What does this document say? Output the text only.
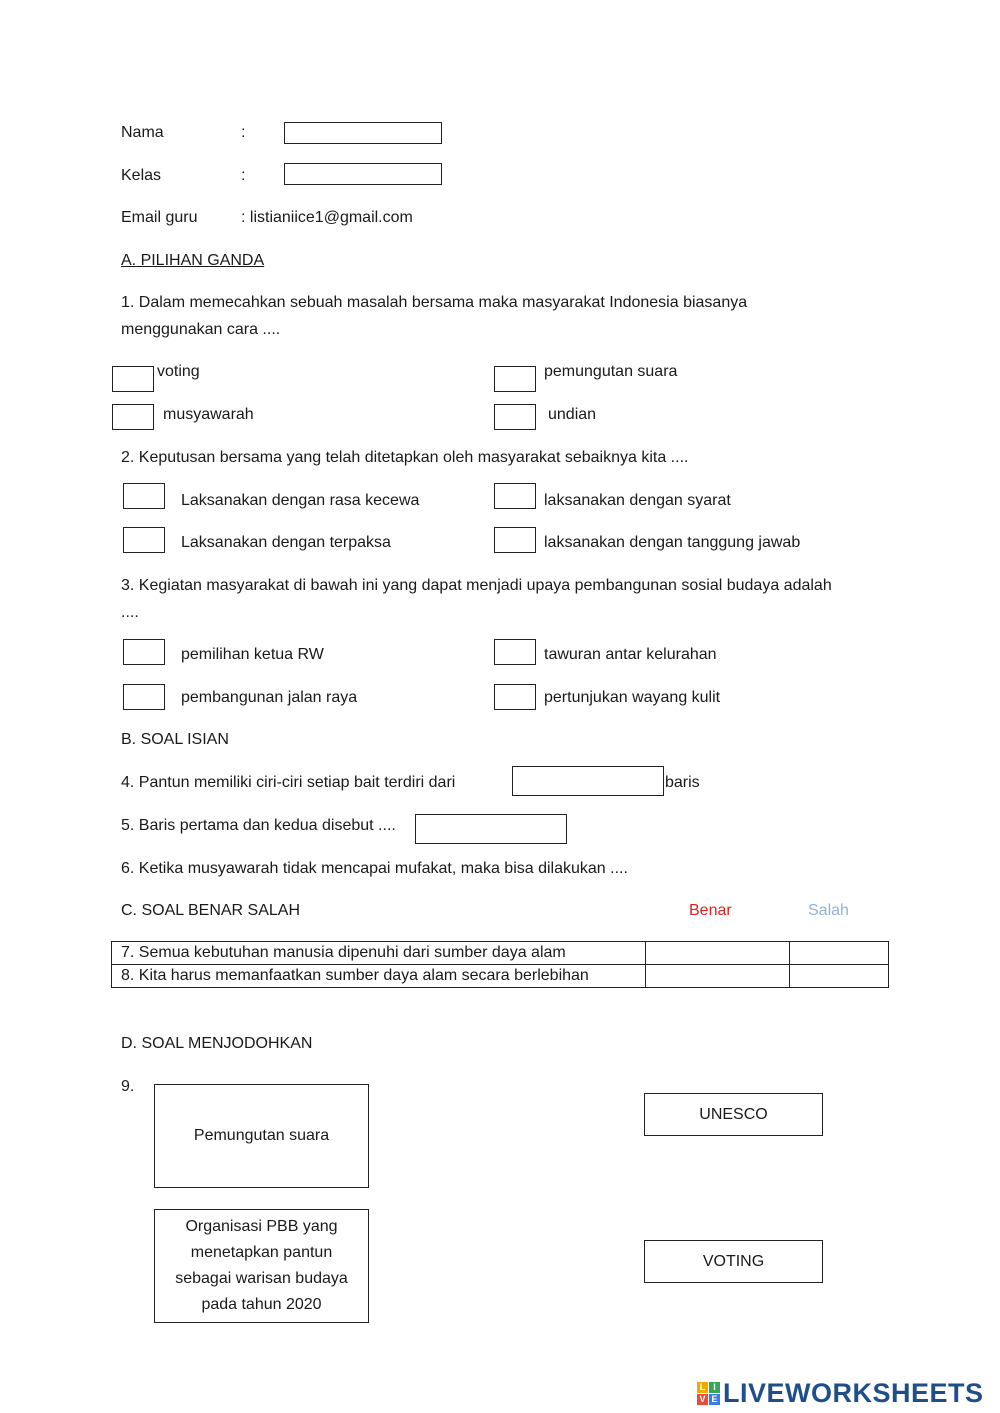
Nama	:
Kelas	:
Email guru	: listianiice1@gmail.com
A. PILIHAN GANDA
1. Dalam memecahkan sebuah masalah bersama maka masyarakat Indonesia biasanya
menggunakan cara ....
voting	pemungutan suara
musyawarah	undian
2. Keputusan bersama yang telah ditetapkan oleh masyarakat sebaiknya kita ....
Laksanakan dengan rasa kecewa	laksanakan dengan syarat
Laksanakan dengan terpaksa	laksanakan dengan tanggung jawab
3. Kegiatan masyarakat di bawah ini yang dapat menjadi upaya pembangunan sosial budaya adalah
....
pemilihan ketua RW	tawuran antar kelurahan
pembangunan jalan raya	pertunjukan wayang kulit
B. SOAL ISIAN
4. Pantun memiliki ciri-ciri setiap bait terdiri dari	baris
5. Baris pertama dan kedua disebut ....
6. Ketika musyawarah tidak mencapai mufakat, maka bisa dilakukan ....
C. SOAL BENAR SALAH	Benar	Salah
7. Semua kebutuhan manusia dipenuhi dari sumber daya alam		
8. Kita harus memanfaatkan sumber daya alam secara berlebihan		
D. SOAL MENJODOHKAN
9.
Pemungutan suara
Organisasi PBB yang menetapkan pantun sebagai warisan budaya pada tahun 2020
UNESCO
VOTING
L I
V E LIVEWORKSHEETS
